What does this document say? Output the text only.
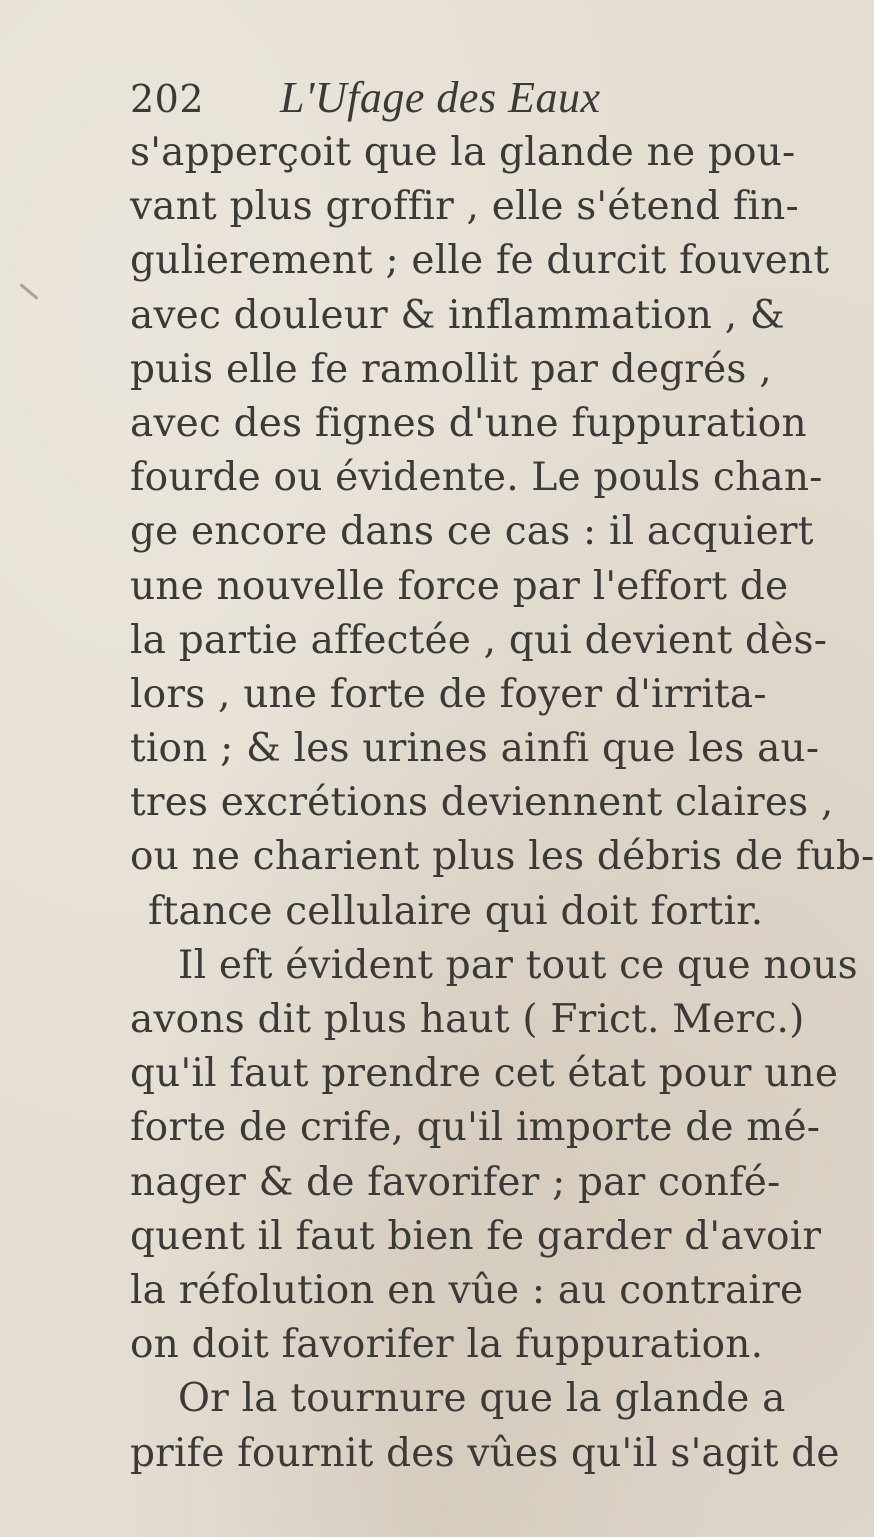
202	L'Ufage des Eaux
s'apperçoit que la glande ne pou-
vant plus groffir , elle s'étend fin-
gulierement ; elle fe durcit fouvent
avec douleur & inflammation , &
puis elle fe ramollit par degrés ,
avec des fignes d'une fuppuration
fourde ou évidente. Le pouls chan-
ge encore dans ce cas : il acquiert
une nouvelle force par l'effort de
la partie affectée , qui devient dès-
lors , une forte de foyer d'irrita-
tion ; & les urines ainfi que les au-
tres excrétions deviennent claires ,
ou ne charient plus les débris de fub-
ftance cellulaire qui doit fortir.
Il eft évident par tout ce que nous
avons dit plus haut ( Frict. Merc.)
qu'il faut prendre cet état pour une
forte de crife, qu'il importe de mé-
nager & de favorifer ; par confé-
quent il faut bien fe garder d'avoir
la réfolution en vûe : au contraire
on doit favorifer la fuppuration.
Or la tournure que la glande a
prife fournit des vûes qu'il s'agit de
